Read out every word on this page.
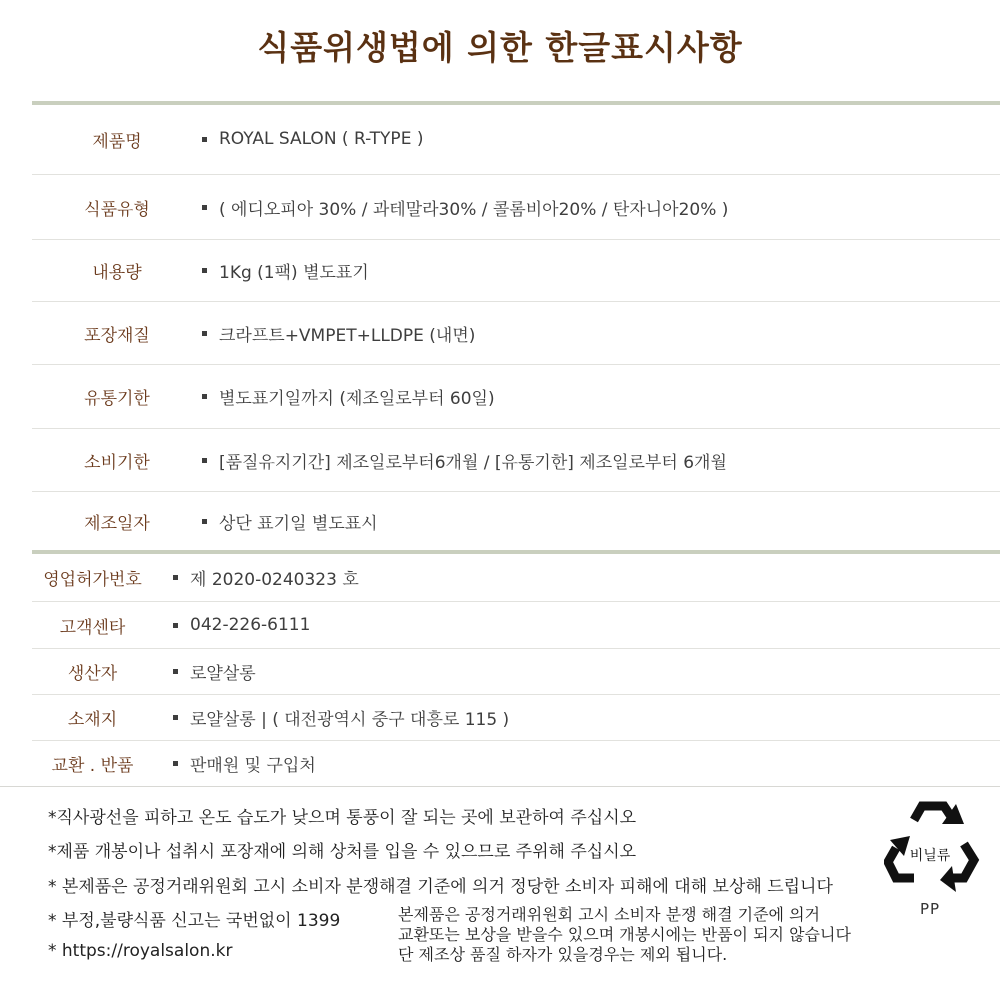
식품위생법에 의한 한글표시사항
제품명	ROYAL SALON ( R-TYPE )
식품유형	( 에디오피아 30% / 과테말라30% / 콜롬비아20% / 탄자니아20% )
내용량	1Kg (1팩) 별도표기
포장재질	크라프트+VMPET+LLDPE (내면)
유통기한	별도표기일까지 (제조일로부터 60일)
소비기한	[품질유지기간] 제조일로부터6개월 / [유통기한] 제조일로부터 6개월
제조일자	상단 표기일 별도표시
영업허가번호	제 2020-0240323 호
고객센타	042-226-6111
생산자	로얄살롱
소재지	로얄살롱 | ( 대전광역시 중구 대흥로 115 )
교환 . 반품	판매원 및 구입처
*직사광선을 피하고 온도 습도가 낮으며 통풍이 잘 되는 곳에 보관하여 주십시오
*제품 개봉이나 섭취시 포장재에 의해 상처를 입을 수 있으므로 주위해 주십시오
* 본제품은 공정거래위원회 고시 소비자 분쟁해결 기준에 의거 정당한 소비자 피해에 대해 보상해 드립니다
* 부정,불량식품 신고는 국번없이 1399
* https://royalsalon.kr
본제품은 공정거래위원회 고시 소비자 분쟁 해결 기준에 의거
교환또는 보상을 받을수 있으며 개봉시에는 반품이 되지 않습니다
단 제조상 품질 하자가 있을경우는 제외 됩니다.
비닐류
PP
